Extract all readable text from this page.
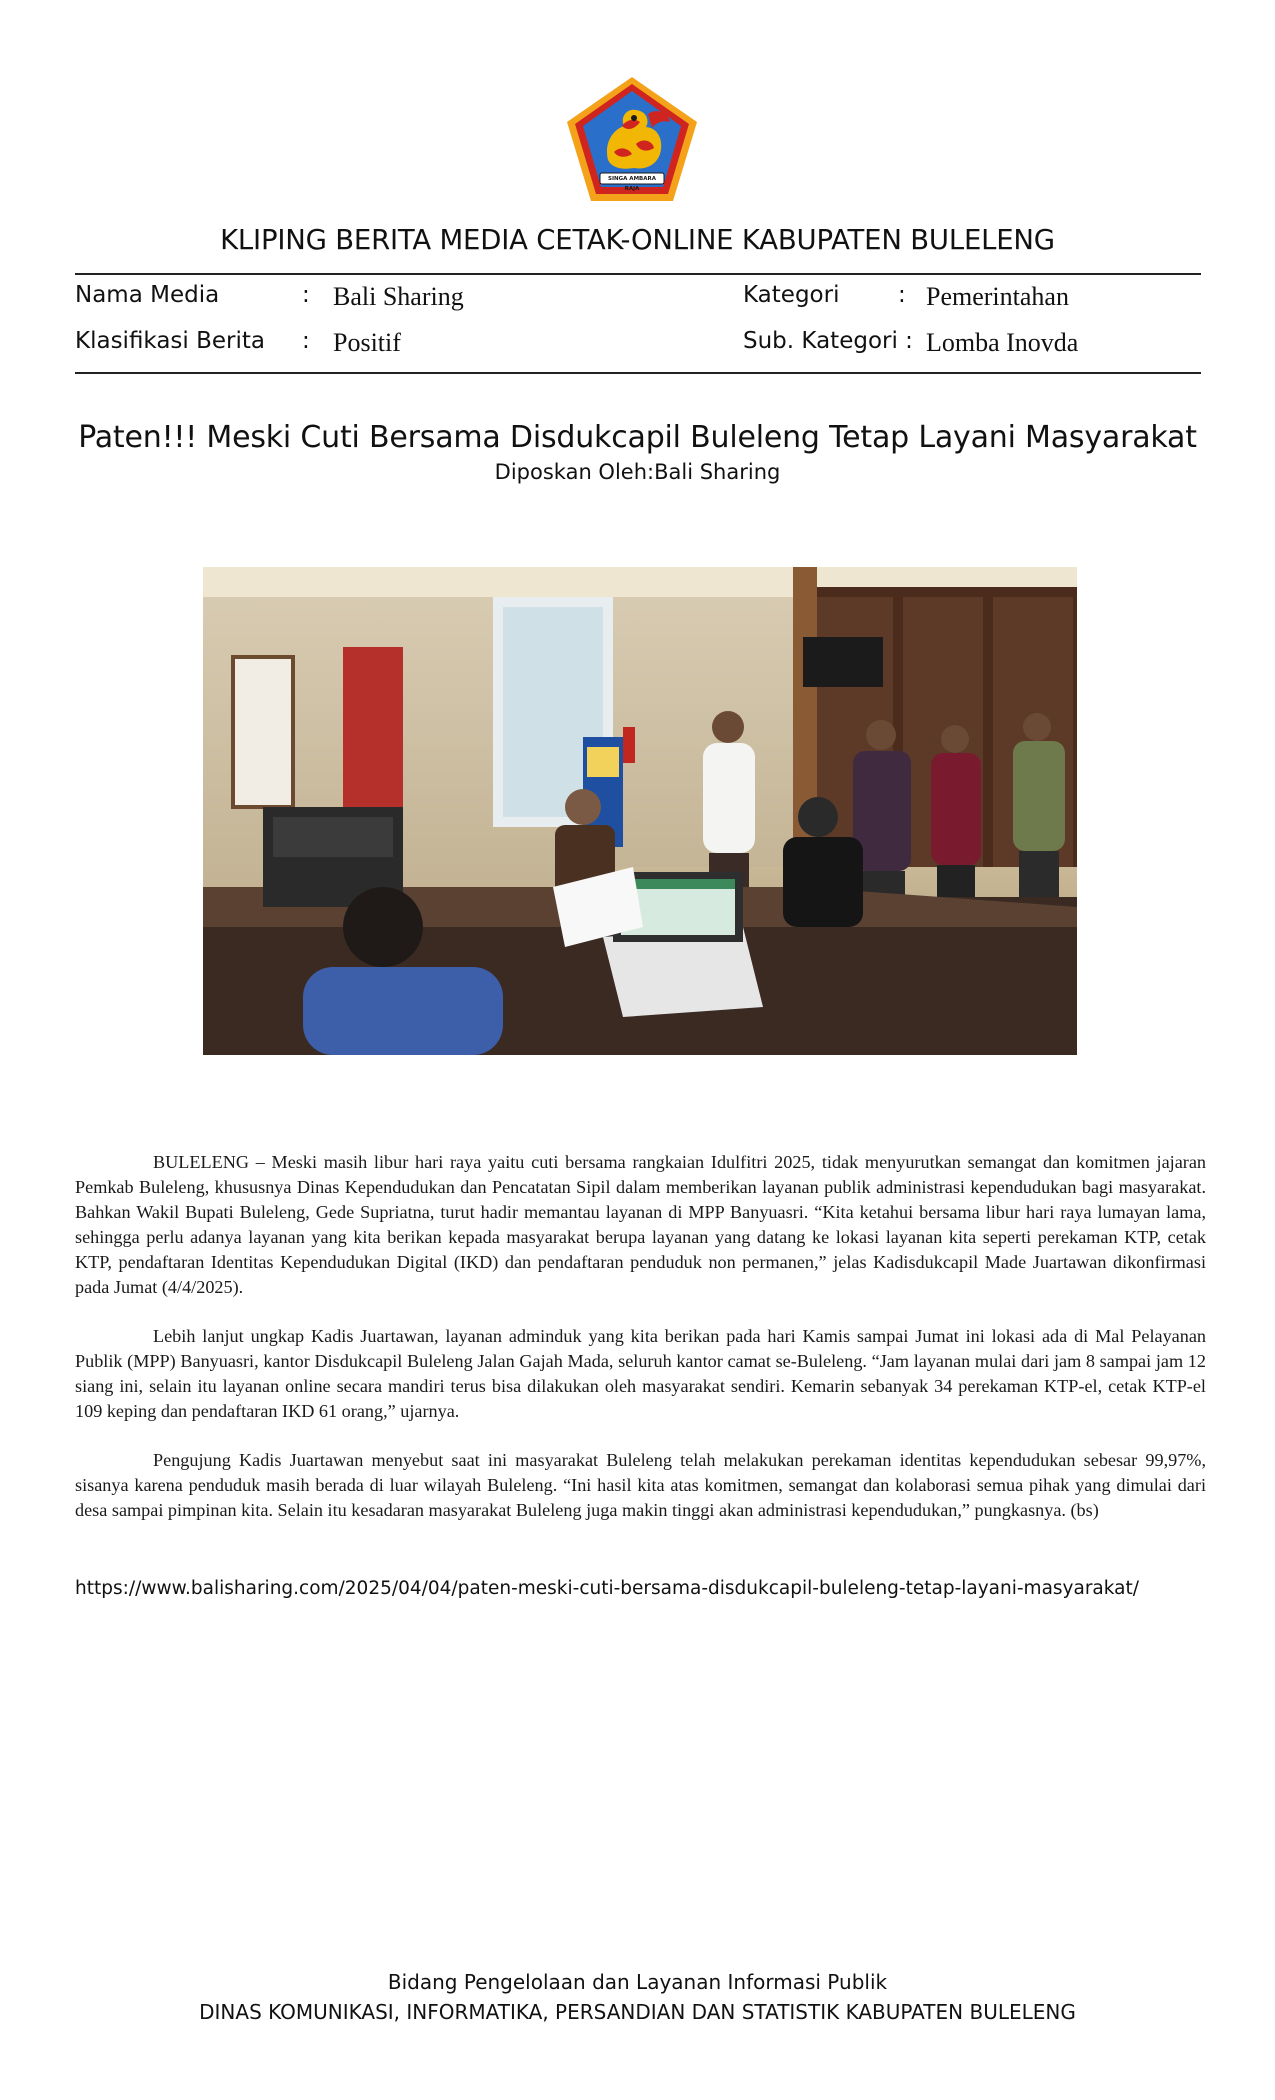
SINGA AMBARA RAJA
KLIPING BERITA MEDIA CETAK-ONLINE KABUPATEN BULELENG
Nama Media	: Bali Sharing
Klasifikasi Berita : Positif
Kategori	: Pemerintahan
Sub. Kategori : Lomba Inovda
Paten!!! Meski Cuti Bersama Disdukcapil Buleleng Tetap Layani Masyarakat
Diposkan Oleh:Bali Sharing

BULELENG – Meski masih libur hari raya yaitu cuti bersama rangkaian Idulfitri 2025, tidak menyurutkan semangat dan komitmen jajaran Pemkab Buleleng, khususnya Dinas Kependudukan dan Pencatatan Sipil dalam memberikan layanan publik administrasi kependudukan bagi masyarakat. Bahkan Wakil Bupati Buleleng, Gede Supriatna, turut hadir memantau layanan di MPP Banyuasri. “Kita ketahui bersama libur hari raya lumayan lama, sehingga perlu adanya layanan yang kita berikan kepada masyarakat berupa layanan yang datang ke lokasi layanan kita seperti perekaman KTP, cetak KTP, pendaftaran Identitas Kependudukan Digital (IKD) dan pendaftaran penduduk non permanen,” jelas Kadisdukcapil Made Juartawan dikonfirmasi pada Jumat (4/4/2025).

Lebih lanjut ungkap Kadis Juartawan, layanan adminduk yang kita berikan pada hari Kamis sampai Jumat ini lokasi ada di Mal Pelayanan Publik (MPP) Banyuasri, kantor Disdukcapil Buleleng Jalan Gajah Mada, seluruh kantor camat se-Buleleng. “Jam layanan mulai dari jam 8 sampai jam 12 siang ini, selain itu layanan online secara mandiri terus bisa dilakukan oleh masyarakat sendiri. Kemarin sebanyak 34 perekaman KTP-el, cetak KTP-el 109 keping dan pendaftaran IKD 61 orang,” ujarnya.

Pengujung Kadis Juartawan menyebut saat ini masyarakat Buleleng telah melakukan perekaman identitas kependudukan sebesar 99,97%, sisanya karena penduduk masih berada di luar wilayah Buleleng. “Ini hasil kita atas komitmen, semangat dan kolaborasi semua pihak yang dimulai dari desa sampai pimpinan kita. Selain itu kesadaran masyarakat Buleleng juga makin tinggi akan administrasi kependudukan,” pungkasnya. (bs)

https://www.balisharing.com/2025/04/04/paten-meski-cuti-bersama-disdukcapil-buleleng-tetap-layani-masyarakat/
Bidang Pengelolaan dan Layanan Informasi Publik
DINAS KOMUNIKASI, INFORMATIKA, PERSANDIAN DAN STATISTIK KABUPATEN BULELENG
